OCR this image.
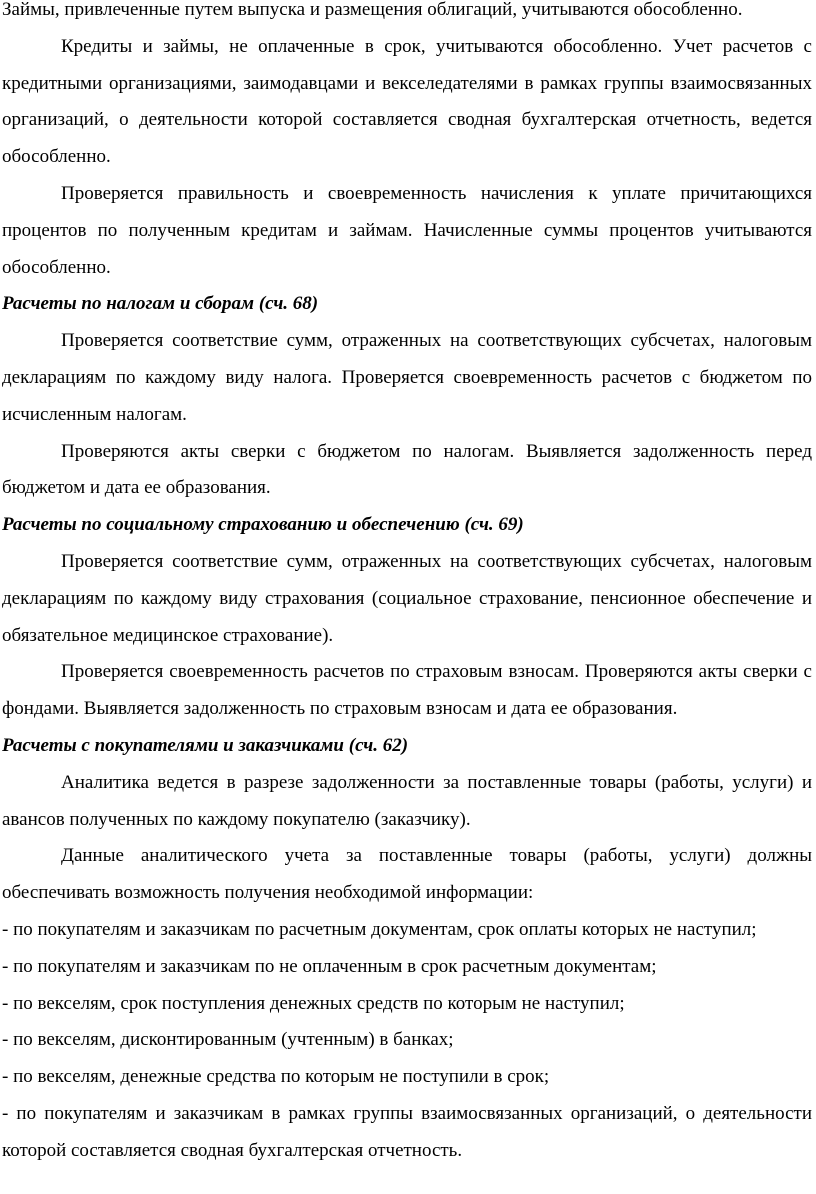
Займы, привлеченные путем выпуска и размещения облигаций, учитываются обособленно.

Кредиты и займы, не оплаченные в срок, учитываются обособленно. Учет расчетов с кредитными организациями, заимодавцами и векселедателями в рамках группы взаимосвязанных организаций, о деятельности которой составляется сводная бухгалтерская отчетность, ведется обособленно.

Проверяется правильность и своевременность начисления к уплате причитающихся процентов по полученным кредитам и займам. Начисленные суммы процентов учитываются обособленно.

Расчеты по налогам и сборам (сч. 68)

Проверяется соответствие сумм, отраженных на соответствующих субсчетах, налоговым декларациям по каждому виду налога. Проверяется своевременность расчетов с бюджетом по исчисленным налогам.

Проверяются акты сверки с бюджетом по налогам. Выявляется задолженность перед бюджетом и дата ее образования.

Расчеты по социальному страхованию и обеспечению (сч. 69)

Проверяется соответствие сумм, отраженных на соответствующих субсчетах, налоговым декларациям по каждому виду страхования (социальное страхование, пенсионное обеспечение и обязательное медицинское страхование).

Проверяется своевременность расчетов по страховым взносам. Проверяются акты сверки с фондами. Выявляется задолженность по страховым взносам и дата ее образования.

Расчеты с покупателями и заказчиками (сч. 62)

Аналитика ведется в разрезе задолженности за поставленные товары (работы, услуги) и авансов полученных по каждому покупателю (заказчику).

Данные аналитического учета за поставленные товары (работы, услуги) должны обеспечивать возможность получения необходимой информации:

- по покупателям и заказчикам по расчетным документам, срок оплаты которых не наступил;

- по покупателям и заказчикам по не оплаченным в срок расчетным документам;

- по векселям, срок поступления денежных средств по которым не наступил;

- по векселям, дисконтированным (учтенным) в банках;

- по векселям, денежные средства по которым не поступили в срок;

- по покупателям и заказчикам в рамках группы взаимосвязанных организаций, о деятельности которой составляется сводная бухгалтерская отчетность.
